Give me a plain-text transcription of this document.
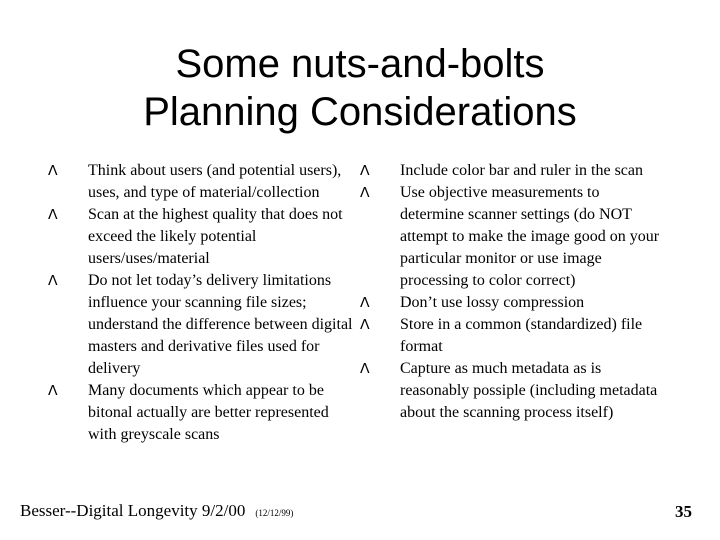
Some nuts-and-bolts
Planning Considerations
ⴷ Think about users (and potential users), uses, and type of material/collection
ⴷ Scan at the highest quality that does not exceed the likely potential users/uses/material
ⴷ Do not let today’s delivery limitations influence your scanning file sizes; understand the difference between digital masters and derivative files used for delivery
ⴷ Many documents which appear to be bitonal actually are better represented with greyscale scans
ⴷ Include color bar and ruler in the scan
ⴷ Use objective measurements to determine scanner settings (do NOT attempt to make the image good on your particular monitor or use image processing to color correct)
ⴷ Don’t use lossy compression
ⴷ Store in a common (standardized) file format
ⴷ Capture as much metadata as is reasonably possiple (including metadata about the scanning process itself)
Besser--Digital Longevity 9/2/00 (12/12/99)	35
